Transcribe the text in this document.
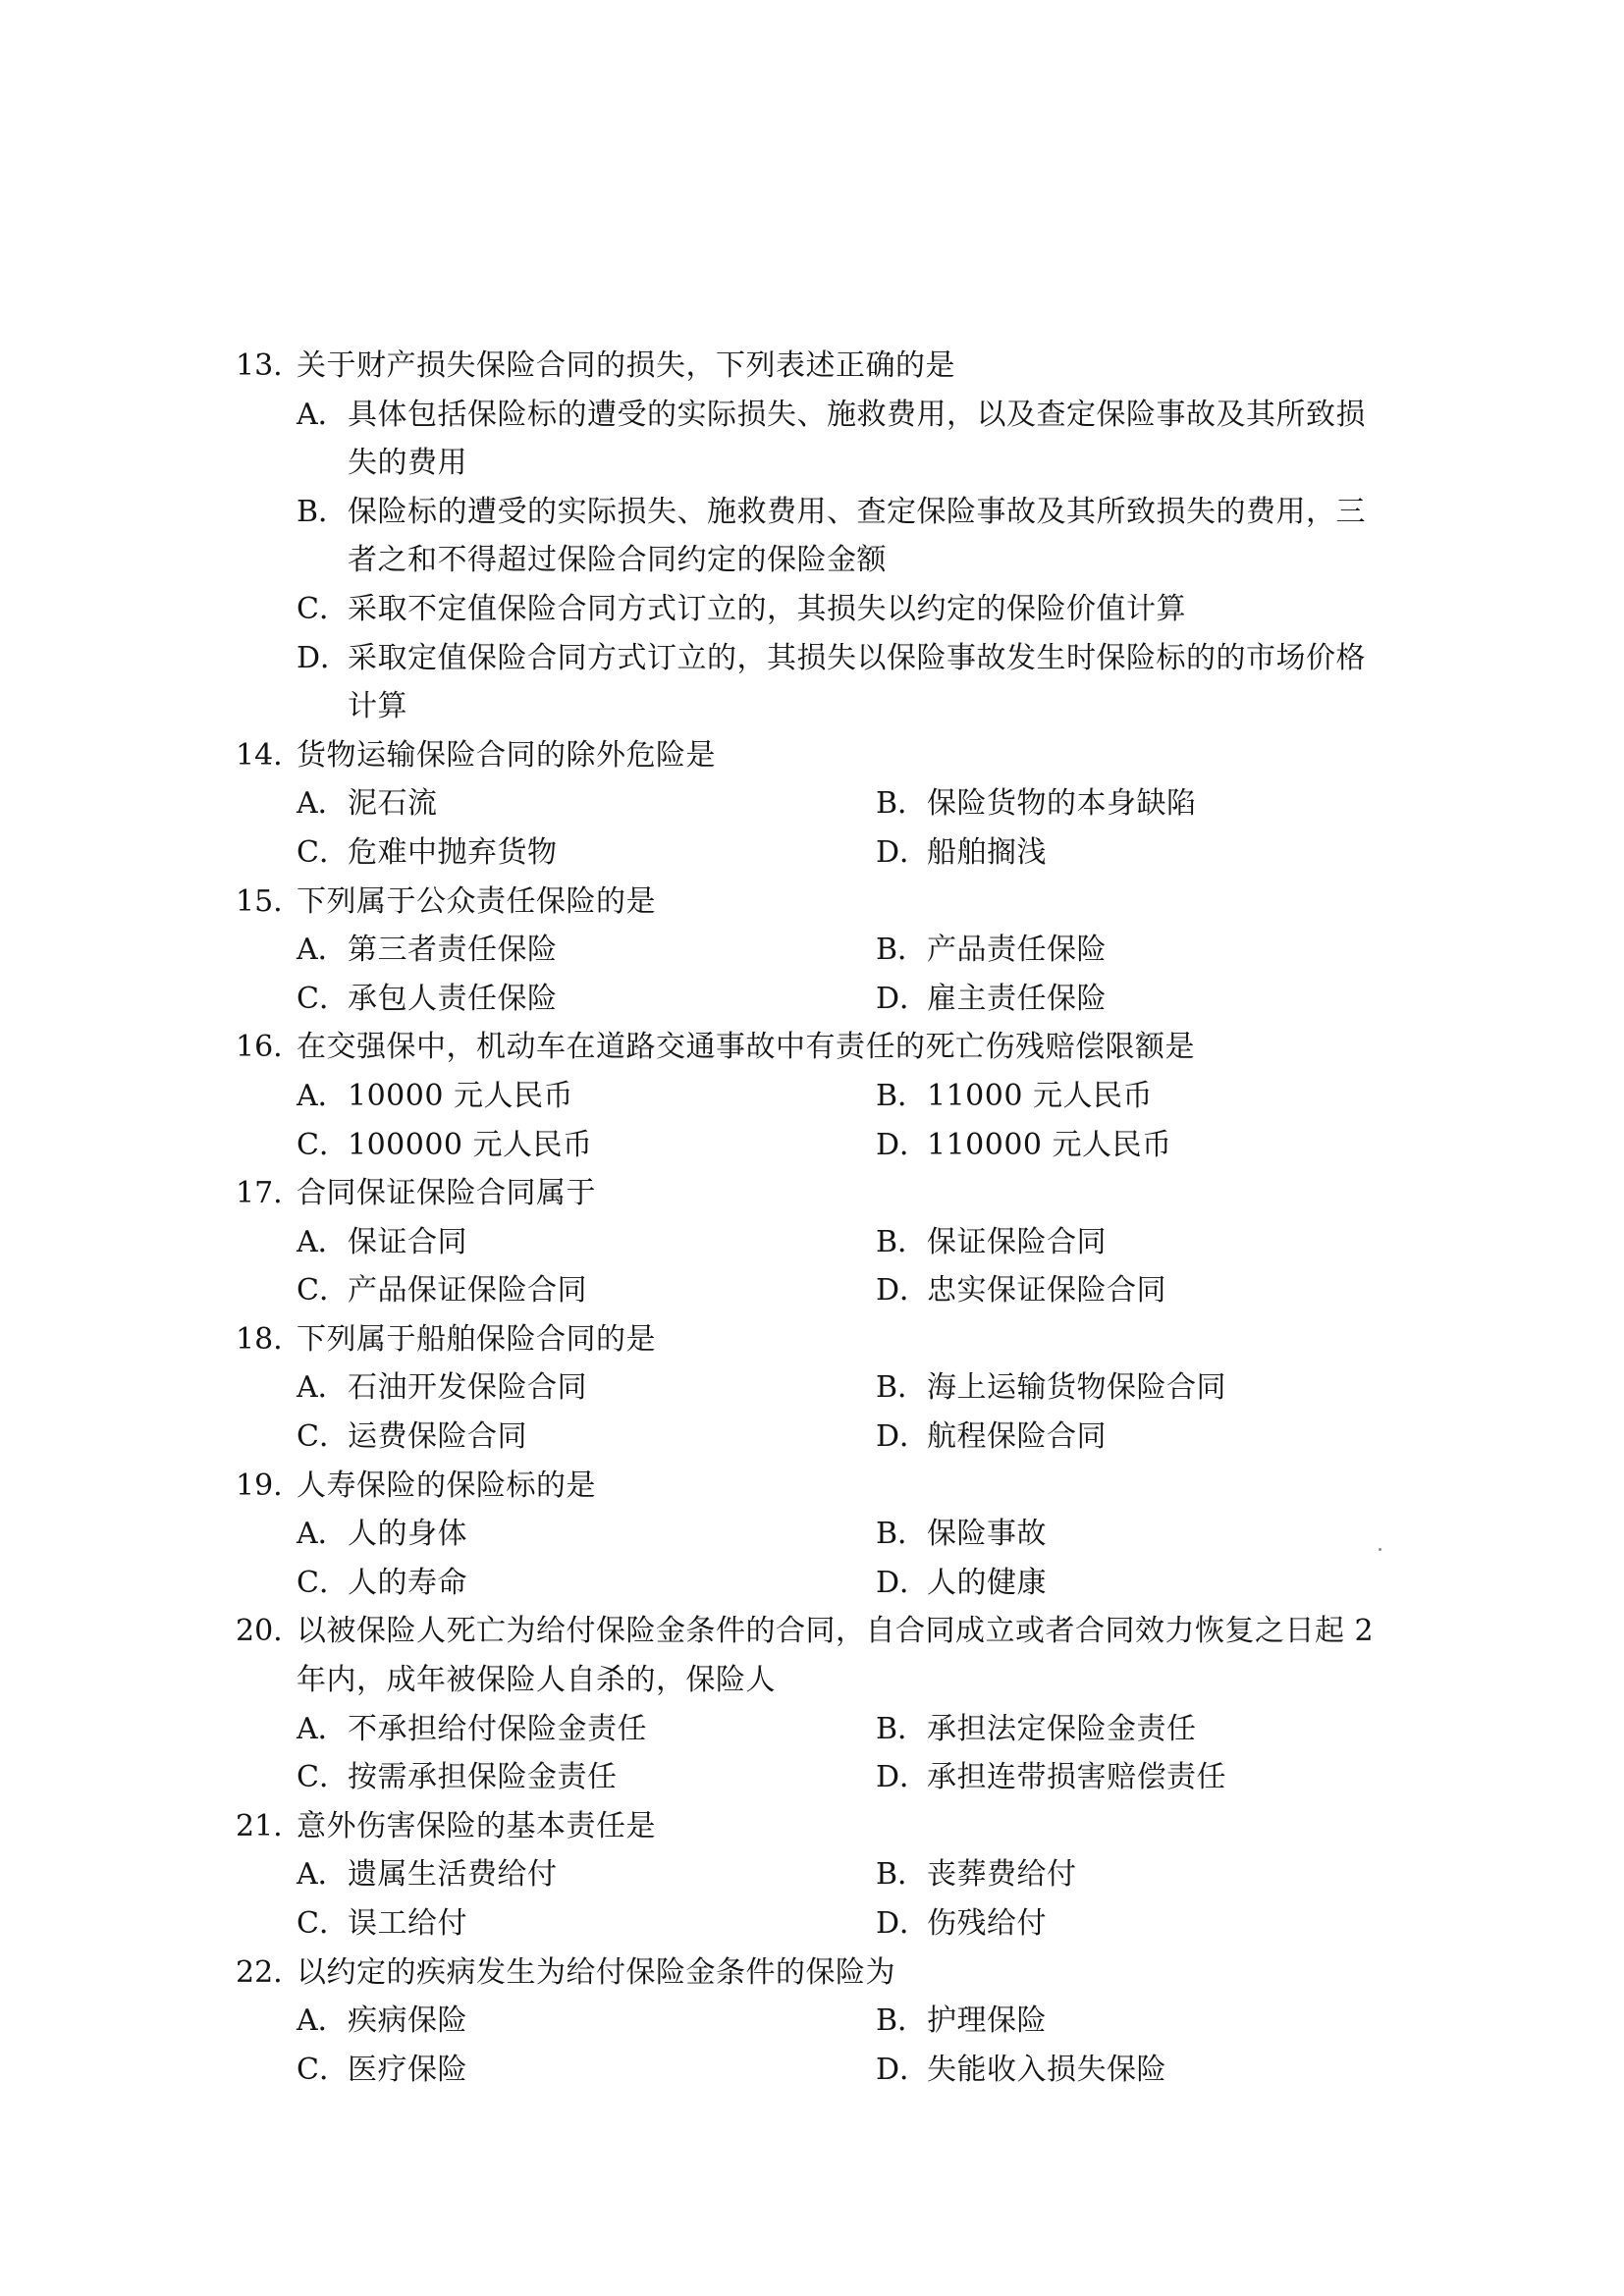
13. 关于财产损失保险合同的损失，下列表述正确的是
A． 具体包括保险标的遭受的实际损失、施救费用，以及查定保险事故及其所致损
失的费用
B． 保险标的遭受的实际损失、施救费用、查定保险事故及其所致损失的费用，三
者之和不得超过保险合同约定的保险金额
C． 采取不定值保险合同方式订立的，其损失以约定的保险价值计算
D．
采取定值保险合同方式订立的，其损失以保险事故发生时保险标的的市场价格
计算
14. 货物运输保险合同的除外危险是
A． 泥石流	B． 保险货物的本身缺陷
C． 危难中抛弃货物	D．
船舶搁浅
15. 下列属于公众责任保险的是
A． 第三者责任保险	B． 产品责任保险
C． 承包人责任保险	D．
雇主责任保险
16. 在交强保中，机动车在道路交通事故中有责任的死亡伤残赔偿限额是
A． 10000 元人民币	B． 11000 元人民币
C． 100000 元人民币	D．
110000 元人民币
17. 合同保证保险合同属于
A． 保证合同	B． 保证保险合同
C． 产品保证保险合同	D．
忠实保证保险合同
18. 下列属于船舶保险合同的是
A． 石油开发保险合同	B． 海上运输货物保险合同
C． 运费保险合同	D．
航程保险合同
19. 人寿保险的保险标的是
A． 人的身体	B． 保险事故
C． 人的寿命	D．
人的健康
20. 以被保险人死亡为给付保险金条件的合同，自合同成立或者合同效力恢复之日起 2
年内，成年被保险人自杀的，保险人
A． 不承担给付保险金责任	B． 承担法定保险金责任
C． 按需承担保险金责任	D．
承担连带损害赔偿责任
21. 意外伤害保险的基本责任是
A． 遗属生活费给付	B． 丧葬费给付
C． 误工给付	D．
伤残给付
22. 以约定的疾病发生为给付保险金条件的保险为
A． 疾病保险	B． 护理保险
C． 医疗保险	D．
失能收入损失保险
